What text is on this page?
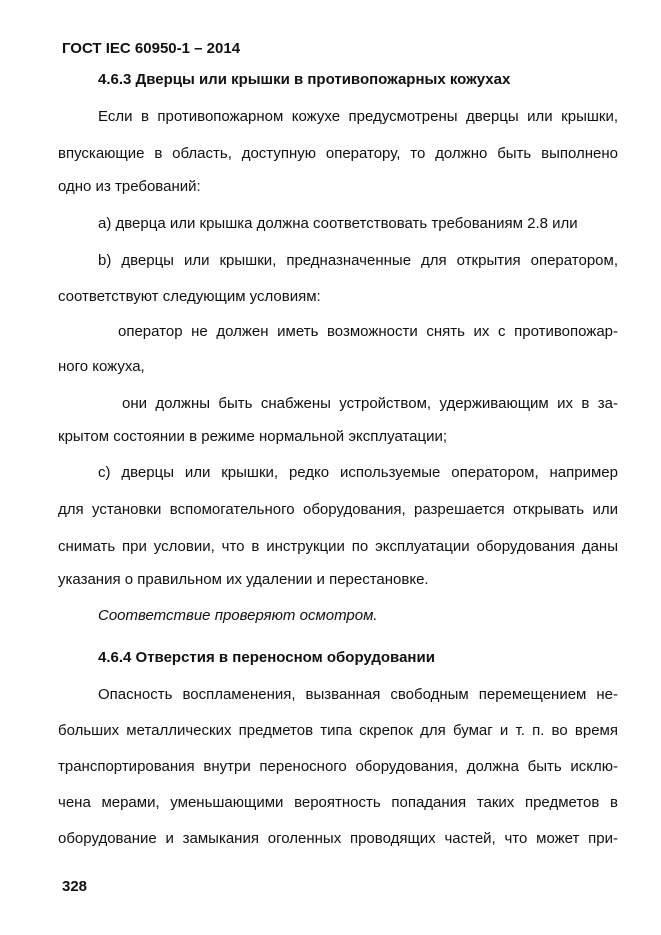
ГОСТ IEC 60950-1 – 2014
4.6.3 Дверцы или крышки в противопожарных кожухах
Если в противопожарном кожухе предусмотрены дверцы или крышки,
впускающие в область, доступную оператору, то должно быть выполнено
одно из требований:
а) дверца или крышка должна соответствовать требованиям 2.8 или
b) дверцы или крышки, предназначенные для открытия оператором,
соответствуют следующим условиям:
оператор не должен иметь возможности снять их с противопожар-
ного кожуха,
они должны быть снабжены устройством, удерживающим их в за-
крытом состоянии в режиме нормальной эксплуатации;
с) дверцы или крышки, редко используемые оператором, например
для установки вспомогательного оборудования, разрешается открывать или
снимать при условии, что в инструкции по эксплуатации оборудования даны
указания о правильном их удалении и перестановке.
Соответствие проверяют осмотром.
4.6.4 Отверстия в переносном оборудовании
Опасность воспламенения, вызванная свободным перемещением не-
больших металлических предметов типа скрепок для бумаг и т. п. во время
транспортирования внутри переносного оборудования, должна быть исклю-
чена мерами, уменьшающими вероятность попадания таких предметов в
оборудование и замыкания оголенных проводящих частей, что может при-
328
